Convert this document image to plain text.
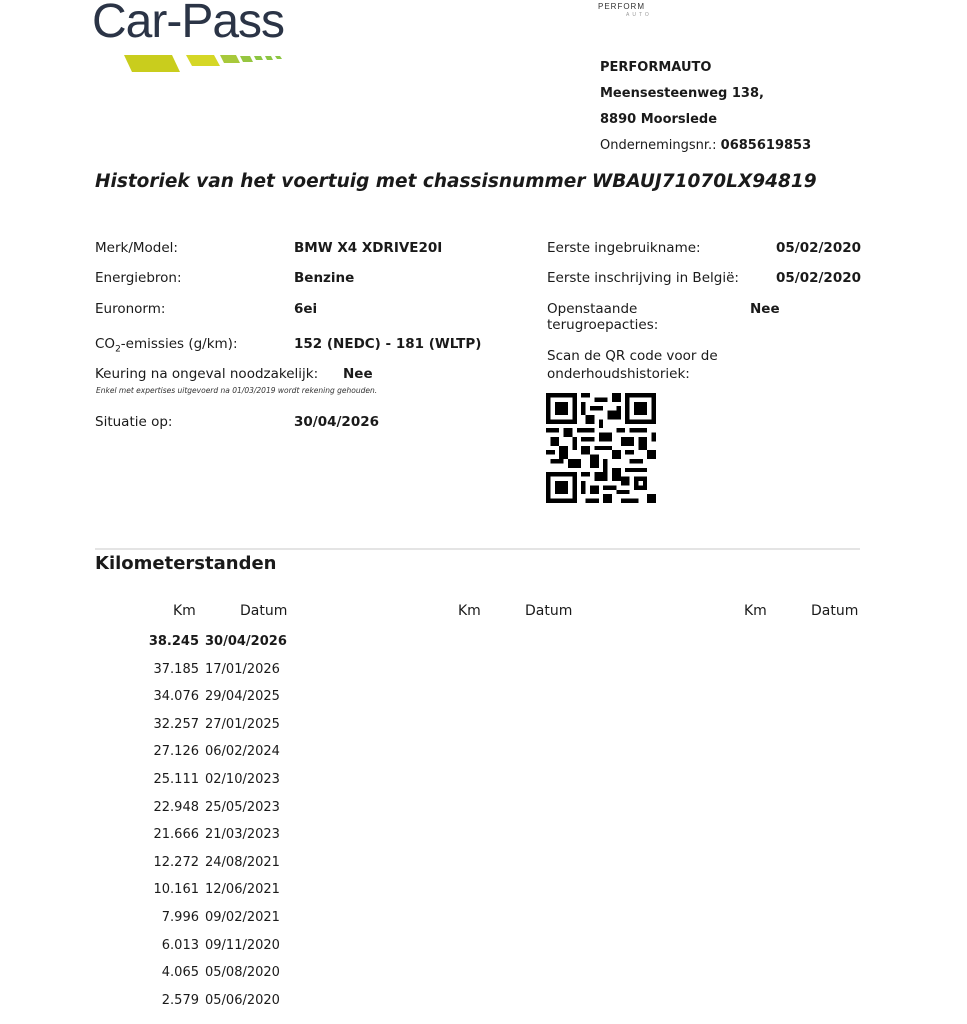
Car-Pass	PERFORM
AUTO
PERFORMAUTO
Meensesteenweg 138,
8890 Moorslede
Ondernemingsnr.: 0685619853
Historiek van het voertuig met chassisnummer WBAUJ71070LX94819
Merk/Model:	BMW X4 XDRIVE20I
Energiebron:	Benzine
Euronorm:	6ei
$CO_2$-emissies (g/km):	152 (NEDC) - 181 (WLTP)
Keuring na ongeval noodzakelijk: Nee
Enkel met expertises uitgevoerd na 01/03/2019 wordt rekening gehouden.
Situatie op:	30/04/2026
Eerste ingebruikname:	05/02/2020
Eerste inschrijving in België:	05/02/2020
Openstaande
terugroepacties:
Nee
Scan de QR code voor de
onderhoudshistoriek:
Kilometerstanden
Km	Datum	Km	Datum	Km	Datum
38.245 30/04/2026
37.185 17/01/2026
34.076 29/04/2025
32.257 27/01/2025
27.126 06/02/2024
25.111 02/10/2023
22.948 25/05/2023
21.666 21/03/2023
12.272 24/08/2021
10.161 12/06/2021
7.996 09/02/2021
6.013 09/11/2020
4.065 05/08/2020
2.579 05/06/2020
